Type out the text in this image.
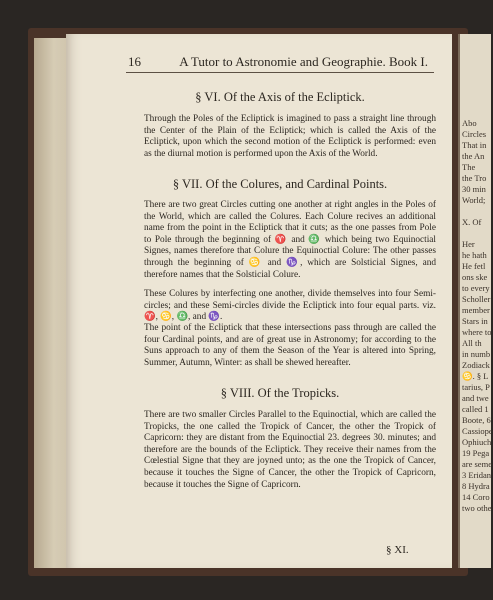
16	A Tutor to Astronomie and Geographie. Book I.
§ VI. Of the Axis of the Ecliptick.

Through the Poles of the Ecliptick is imagined to pass a straight line through the Center of the Plain of the Ecliptick; which is called the Axis of the Ecliptick, upon which the second motion of the Ecliptick is performed: even as the diurnal motion is performed upon the Axis of the World.

§ VII. Of the Colures, and Cardinal Points.

There are two great Circles cutting one another at right angles in the Poles of the World, which are called the Colures. Each Colure recives an additional name from the point in the Ecliptick that it cuts; as the one passes from Pole to Pole through the beginning of ♈ and ♎ which being two Equinoctial Signes, names therefore that Colure the Equinoctial Colure: The other passes through the beginning of ♋ and ♑, which are Solsticial Signes, and therefore names that the Solsticial Colure.

These Colures by interfecting one another, divide themselves into four Semi-circles; and these Semi-circles divide the Ecliptick into four equal parts. viz. ♈, ♋, ♎, and ♑.

The point of the Ecliptick that these intersections pass through are called the four Cardinal points, and are of great use in Astronomy; for according to the Suns approach to any of them the Season of the Year is altered into Spring, Summer, Autumn, Winter: as shall be shewed hereafter.

§ VIII. Of the Tropicks.

There are two smaller Circles Parallel to the Equinoctial, which are called the Tropicks, the one called the Tropick of Cancer, the other the Tropick of Capricorn: they are distant from the Equinoctial 23. degrees 30. minutes; and therefore are the bounds of the Ecliptick. They receive their names from the Cœlestial Signe that they are joyned unto; as the one the Tropick of Cancer, because it touches the Signe of Cancer, the other the Tropick of Capricorn, because it touches the Signe of Capricorn.

§ XI.
Abo
Circles
That in
the An
The
the Tro
30 min
World;

X. Of

Her
he hath
He fetl
ons ske
to every
Scholler
member
Stars in
where to
All th
in numb
Zodiack
♋. § L
tarius, P
and twe
called 1
Boote, 6
Cassiope
Ophiuch
19 Pega
are seme
3 Eridan
8 Hydra
14 Coro
two othe
